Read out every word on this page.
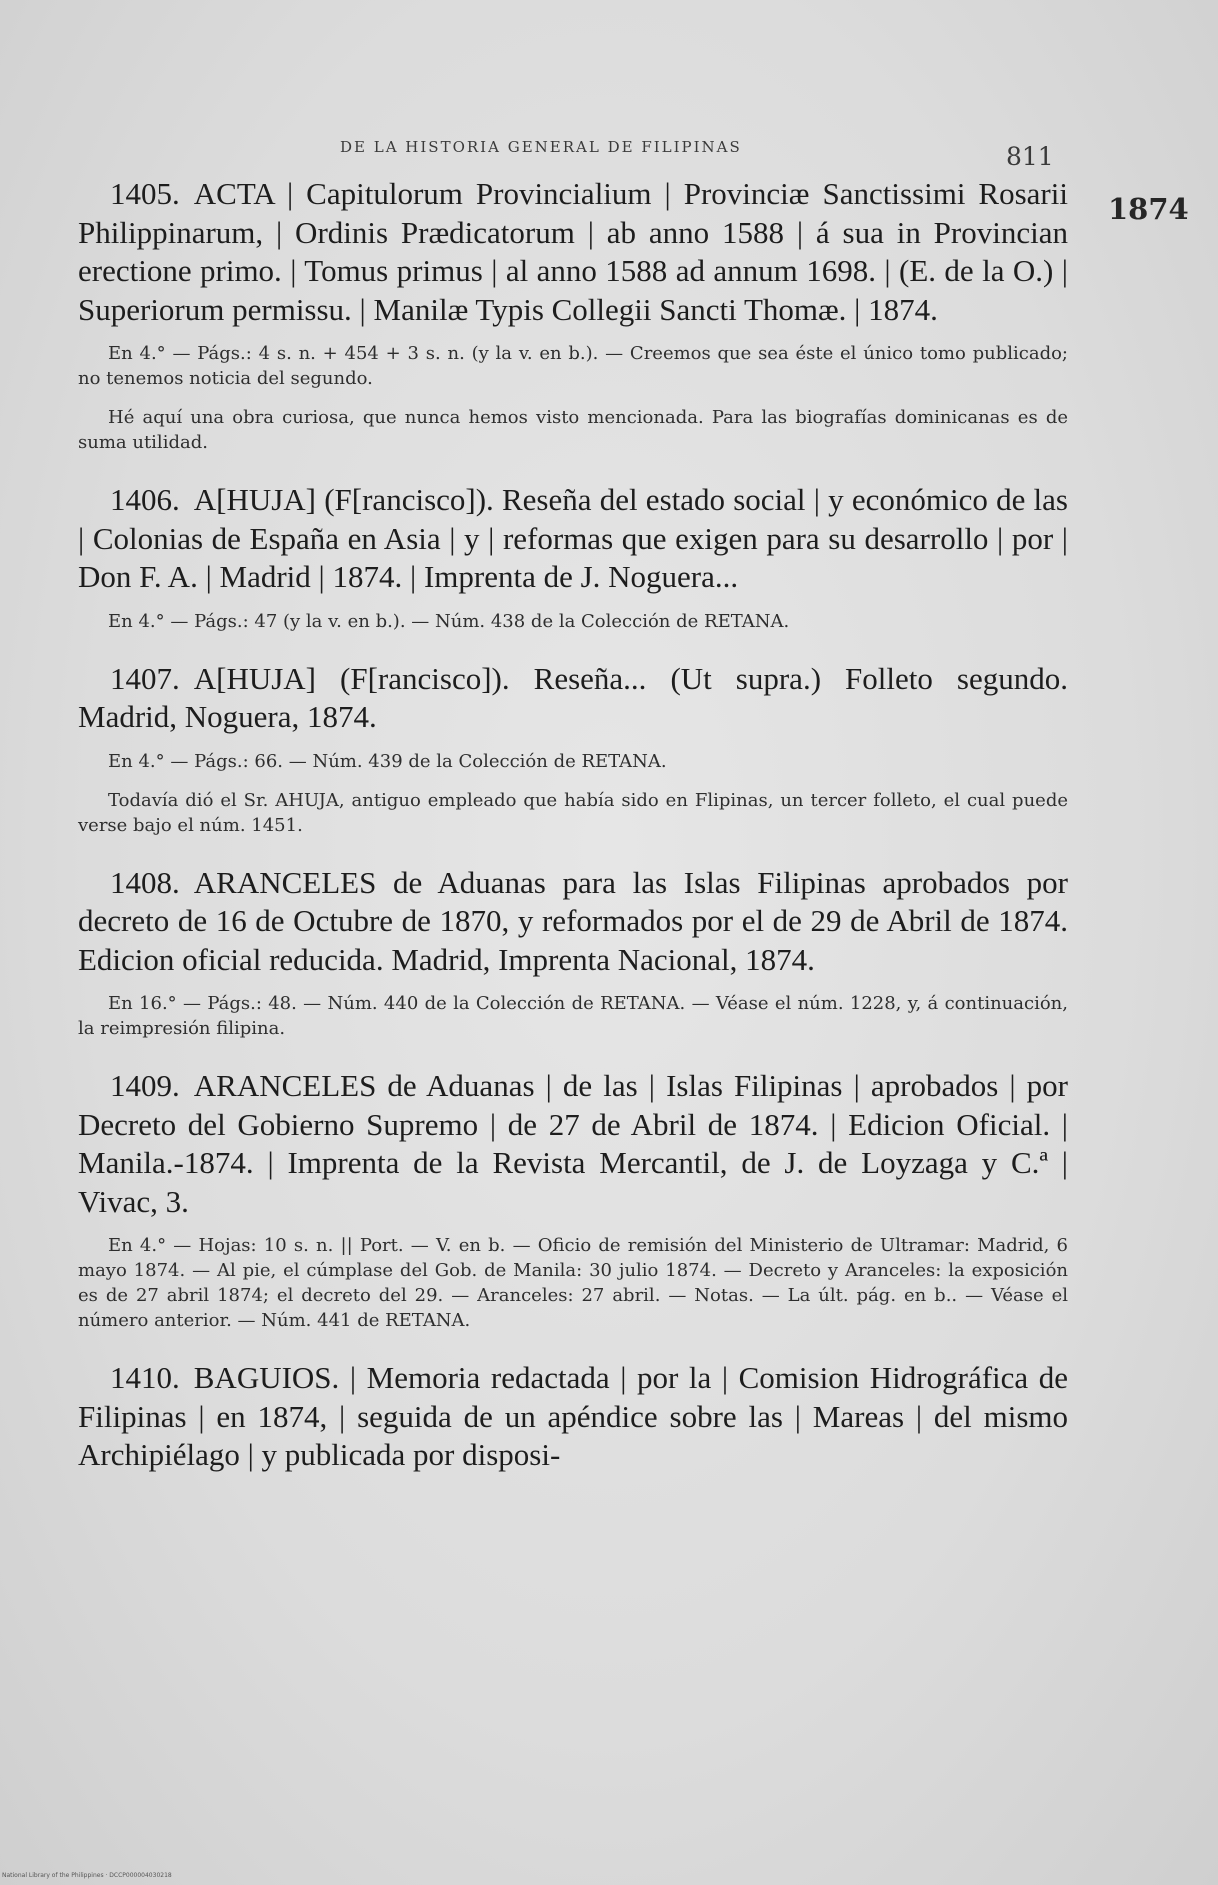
DE LA HISTORIA GENERAL DE FILIPINAS	811
1874

1405. ACTA | Capitulorum Provincialium | Provinciæ Sanctissimi Rosarii Philippinarum, | Ordinis Prædicatorum | ab anno 1588 | á sua in Provincian erectione primo. | Tomus primus | al anno 1588 ad annum 1698. | (E. de la O.) | Superiorum permissu. | Manilæ Typis Collegii Sancti Thomæ. | 1874.

En 4.° — Págs.: 4 s. n. + 454 + 3 s. n. (y la v. en b.). — Creemos que sea éste el único tomo publicado; no tenemos noticia del segundo.

Hé aquí una obra curiosa, que nunca hemos visto mencionada. Para las biografías dominicanas es de suma utilidad.

1406. A[HUJA] (F[rancisco]). Reseña del estado social | y económico de las | Colonias de España en Asia | y | reformas que exigen para su desarrollo | por | Don F. A. | Madrid | 1874. | Imprenta de J. Noguera...

En 4.° — Págs.: 47 (y la v. en b.). — Núm. 438 de la Colección de RETANA.

1407. A[HUJA] (F[rancisco]). Reseña... (Ut supra.) Folleto segundo. Madrid, Noguera, 1874.

En 4.° — Págs.: 66. — Núm. 439 de la Colección de RETANA.

Todavía dió el Sr. AHUJA, antiguo empleado que había sido en Flipinas, un tercer folleto, el cual puede verse bajo el núm. 1451.

1408. ARANCELES de Aduanas para las Islas Filipinas aprobados por decreto de 16 de Octubre de 1870, y reformados por el de 29 de Abril de 1874. Edicion oficial reducida. Madrid, Imprenta Nacional, 1874.

En 16.° — Págs.: 48. — Núm. 440 de la Colección de RETANA. — Véase el núm. 1228, y, á continuación, la reimpresión filipina.

1409. ARANCELES de Aduanas | de las | Islas Filipinas | aprobados | por Decreto del Gobierno Supremo | de 27 de Abril de 1874. | Edicion Oficial. | Manila.-1874. | Imprenta de la Revista Mercantil, de J. de Loyzaga y C.ª | Vivac, 3.

En 4.° — Hojas: 10 s. n. || Port. — V. en b. — Oficio de remisión del Ministerio de Ultramar: Madrid, 6 mayo 1874. — Al pie, el cúmplase del Gob. de Manila: 30 julio 1874. — Decreto y Aranceles: la exposición es de 27 abril 1874; el decreto del 29. — Aranceles: 27 abril. — Notas. — La últ. pág. en b.. — Véase el número anterior. — Núm. 441 de RETANA.

1410. BAGUIOS. | Memoria redactada | por la | Comision Hidrográfica de Filipinas | en 1874, | seguida de un apéndice sobre las | Mareas | del mismo Archipiélago | y publicada por disposi-

National Library of the Philippines · DCCP000004030218
